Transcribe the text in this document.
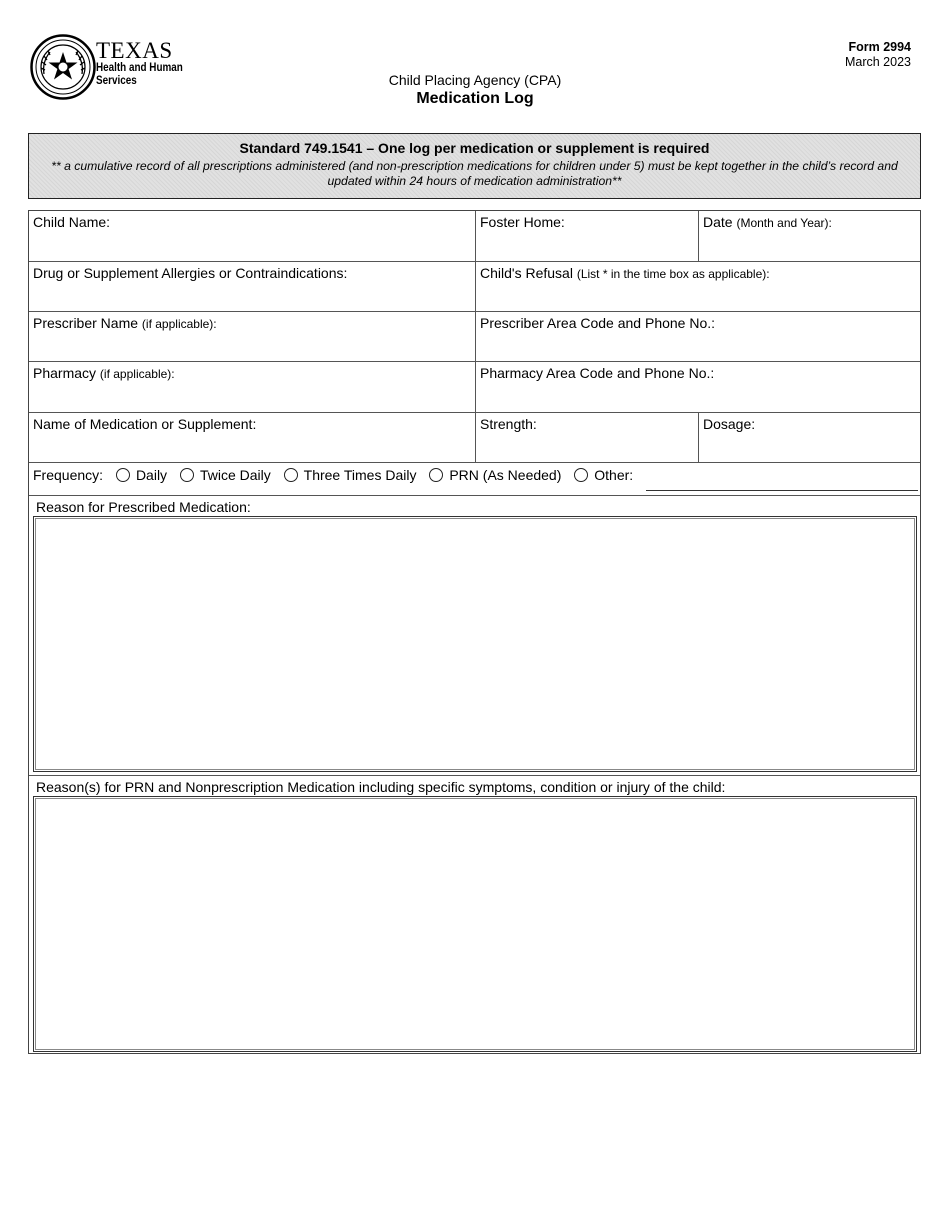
TEXAS
Health and Human
Services
Form 2994
March 2023
Child Placing Agency (CPA)
Medication Log
Standard 749.1541 – One log per medication or supplement is required
** a cumulative record of all prescriptions administered (and non-prescription medications for children under 5) must be kept together in the child’s record and updated within 24 hours of medication administration**
Child Name:	Foster Home:	Date (Month and Year):
Drug or Supplement Allergies or Contraindications:	Child's Refusal (List * in the time box as applicable):
Prescriber Name (if applicable):	Prescriber Area Code and Phone No.:
Pharmacy (if applicable):	Pharmacy Area Code and Phone No.:
Name of Medication or Supplement:	Strength:	Dosage:
Frequency: Daily Twice Daily Three Times Daily PRN (As Needed) Other:
Reason for Prescribed Medication:
Reason(s) for PRN and Nonprescription Medication including specific symptoms, condition or injury of the child:
